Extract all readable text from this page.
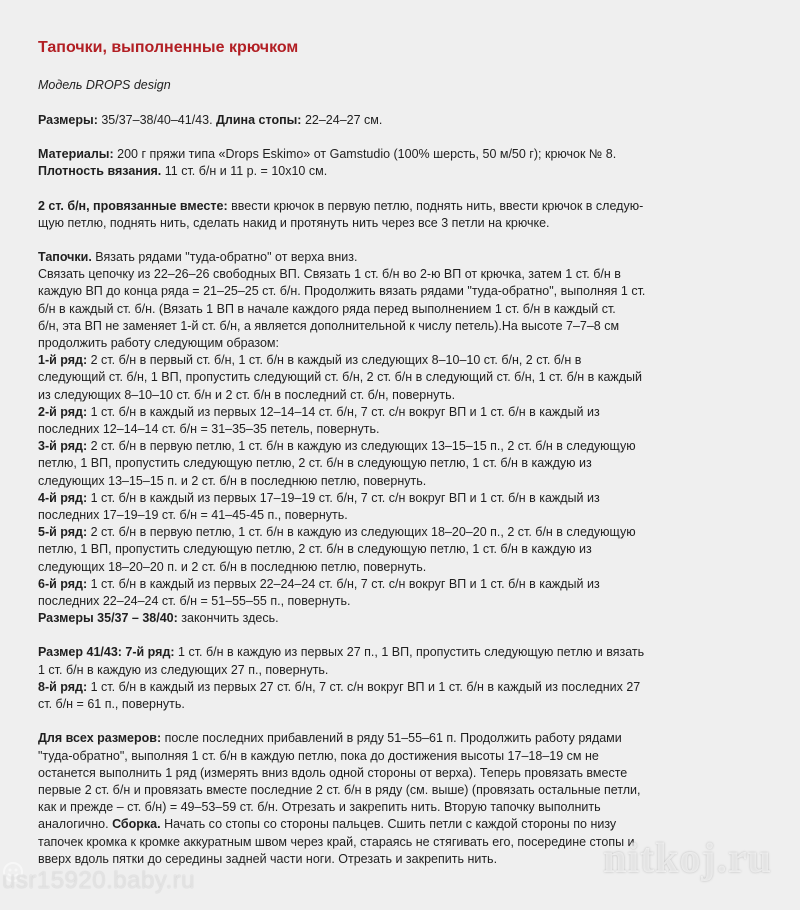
Тапочки, выполненные крючком
Модель DROPS design
Размеры: 35/37–38/40–41/43. Длина стопы: 22–24–27 см.
Материалы: 200 г пряжи типа «Drops Eskimo» от Gamstudio (100% шерсть, 50 м/50 г); крючок № 8.
Плотность вязания. 11 ст. б/н и 11 р. = 10х10 см.
2 ст. б/н, провязанные вместе: ввести крючок в первую петлю, поднять нить, ввести крючок в следую-
щую петлю, поднять нить, сделать накид и протянуть нить через все 3 петли на крючке.
Тапочки. Вязать рядами "туда-обратно" от верха вниз.
Связать цепочку из 22–26–26 свободных ВП. Связать 1 ст. б/н во 2-ю ВП от крючка, затем 1 ст. б/н в
каждую ВП до конца ряда = 21–25–25 ст. б/н. Продолжить вязать рядами "туда-обратно", выполняя 1 ст.
б/н в каждый ст. б/н. (Вязать 1 ВП в начале каждого ряда перед выполнением 1 ст. б/н в каждый ст.
б/н, эта ВП не заменяет 1-й ст. б/н, а является дополнительной к числу петель).На высоте 7–7–8 см
продолжить работу следующим образом:
1-й ряд: 2 ст. б/н в первый ст. б/н, 1 ст. б/н в каждый из следующих 8–10–10 ст. б/н, 2 ст. б/н в
следующий ст. б/н, 1 ВП, пропустить следующий ст. б/н, 2 ст. б/н в следующий ст. б/н, 1 ст. б/н в каждый
из следующих 8–10–10 ст. б/н и 2 ст. б/н в последний ст. б/н, повернуть.
2-й ряд: 1 ст. б/н в каждый из первых 12–14–14 ст. б/н, 7 ст. с/н вокруг ВП и 1 ст. б/н в каждый из
последних 12–14–14 ст. б/н = 31–35–35 петель, повернуть.
3-й ряд: 2 ст. б/н в первую петлю, 1 ст. б/н в каждую из следующих 13–15–15 п., 2 ст. б/н в следующую
петлю, 1 ВП, пропустить следующую петлю, 2 ст. б/н в следующую петлю, 1 ст. б/н в каждую из
следующих 13–15–15 п. и 2 ст. б/н в последнюю петлю, повернуть.
4-й ряд: 1 ст. б/н в каждый из первых 17–19–19 ст. б/н, 7 ст. с/н вокруг ВП и 1 ст. б/н в каждый из
последних 17–19–19 ст. б/н = 41–45-45 п., повернуть.
5-й ряд: 2 ст. б/н в первую петлю, 1 ст. б/н в каждую из следующих 18–20–20 п., 2 ст. б/н в следующую
петлю, 1 ВП, пропустить следующую петлю, 2 ст. б/н в следующую петлю, 1 ст. б/н в каждую из
следующих 18–20–20 п. и 2 ст. б/н в последнюю петлю, повернуть.
6-й ряд: 1 ст. б/н в каждый из первых 22–24–24 ст. б/н, 7 ст. с/н вокруг ВП и 1 ст. б/н в каждый из
последних 22–24–24 ст. б/н = 51–55–55 п., повернуть.
Размеры 35/37 – 38/40: закончить здесь.
Размер 41/43: 7-й ряд: 1 ст. б/н в каждую из первых 27 п., 1 ВП, пропустить следующую петлю и вязать
1 ст. б/н в каждую из следующих 27 п., повернуть.
8-й ряд: 1 ст. б/н в каждый из первых 27 ст. б/н, 7 ст. с/н вокруг ВП и 1 ст. б/н в каждый из последних 27
ст. б/н = 61 п., повернуть.
Для всех размеров: после последних прибавлений в ряду 51–55–61 п. Продолжить работу рядами
"туда-обратно", выполняя 1 ст. б/н в каждую петлю, пока до достижения высоты 17–18–19 см не
останется выполнить 1 ряд (измерять вниз вдоль одной стороны от верха). Теперь провязать вместе
первые 2 ст. б/н и провязать вместе последние 2 ст. б/н в ряду (см. выше) (провязать остальные петли,
как и прежде – ст. б/н) = 49–53–59 ст. б/н. Отрезать и закрепить нить. Вторую тапочку выполнить
аналогично. Сборка. Начать со стопы со стороны пальцев. Сшить петли с каждой стороны по низу
тапочек кромка к кромке аккуратным швом через край, стараясь не стягивать его, посередине стопы и
вверх вдоль пятки до середины задней части ноги. Отрезать и закрепить нить.
usr15920.baby.ru	nitkoj.ru
